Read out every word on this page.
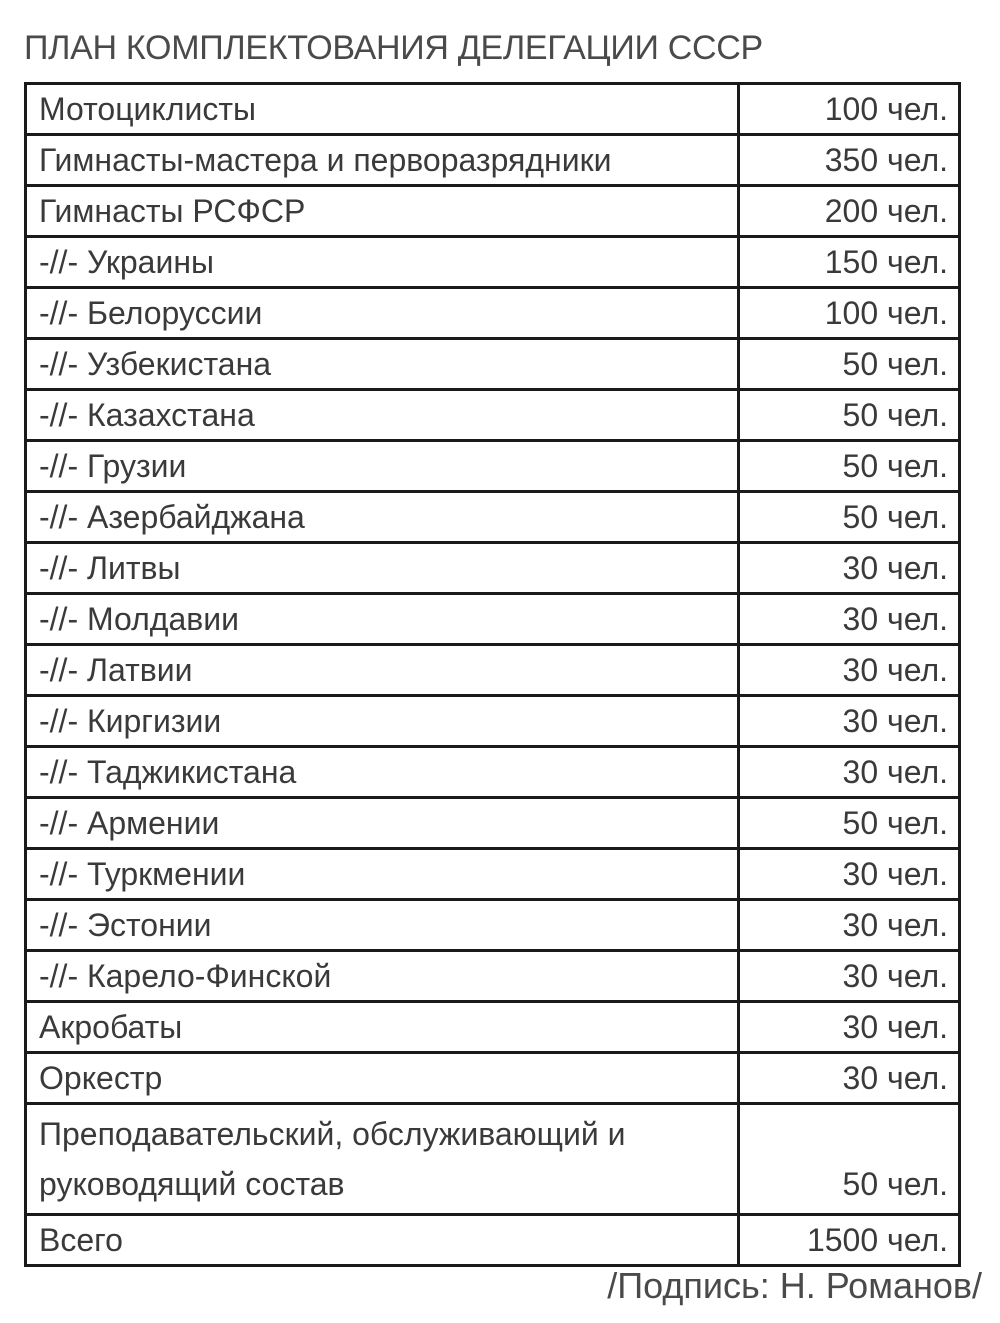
ПЛАН КОМПЛЕКТОВАНИЯ ДЕЛЕГАЦИИ СССР
Мотоциклисты	100 чел.
Гимнасты-мастера и перворазрядники	350 чел.
Гимнасты РСФСР	200 чел.
-//- Украины	150 чел.
-//- Белоруссии	100 чел.
-//- Узбекистана	50 чел.
-//- Казахстана	50 чел.
-//- Грузии	50 чел.
-//- Азербайджана	50 чел.
-//- Литвы	30 чел.
-//- Молдавии	30 чел.
-//- Латвии	30 чел.
-//- Киргизии	30 чел.
-//- Таджикистана	30 чел.
-//- Армении	50 чел.
-//- Туркмении	30 чел.
-//- Эстонии	30 чел.
-//- Карело-Финской	30 чел.
Акробаты	30 чел.
Оркестр	30 чел.
Преподавательский, обслуживающий и руководящий состав	50 чел.
Всего	1500 чел.
/Подпись: Н. Романов/
